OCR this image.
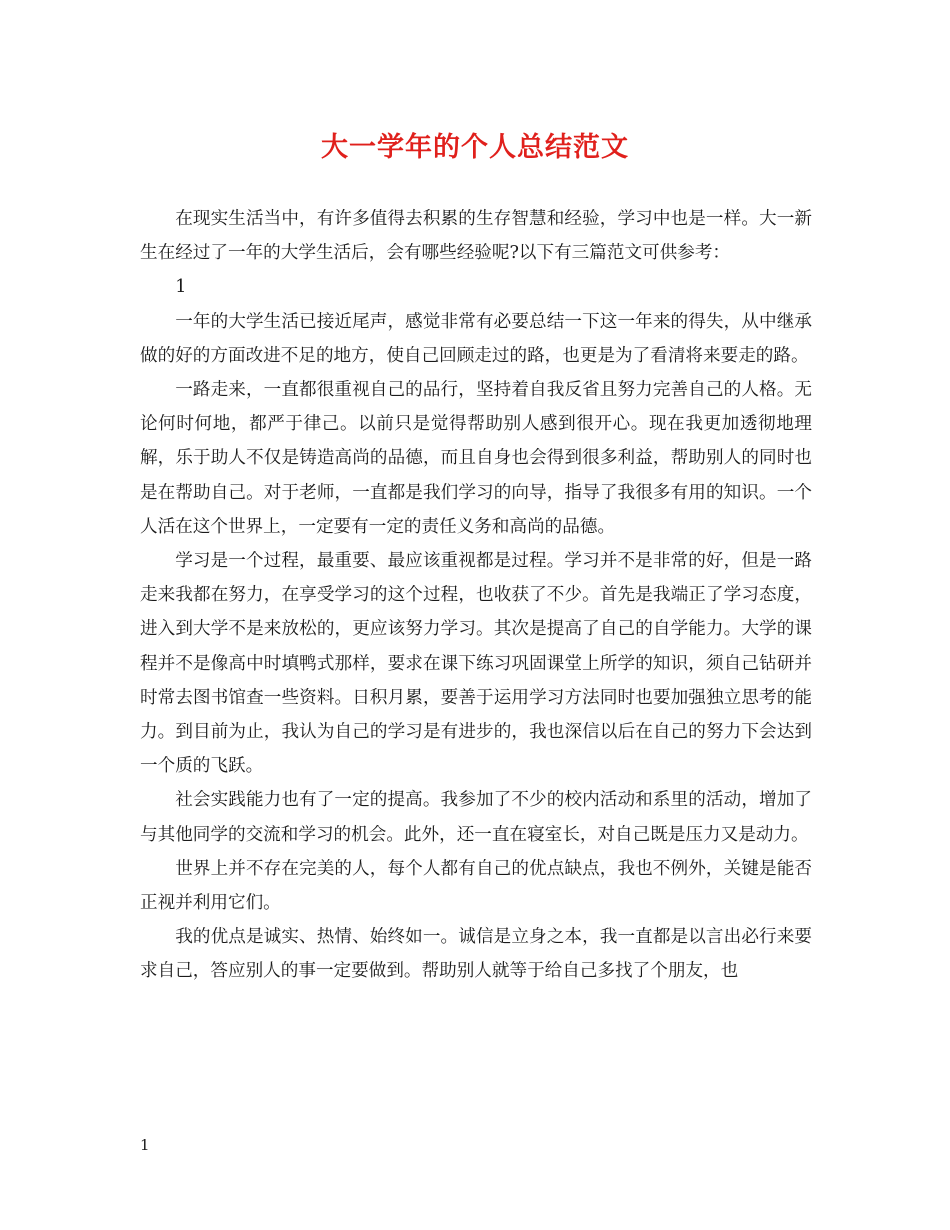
大一学年的个人总结范文

在现实生活当中，有许多值得去积累的生存智慧和经验，学习中也是一样。大一新生在经过了一年的大学生活后，会有哪些经验呢?以下有三篇范文可供参考：

1

一年的大学生活已接近尾声，感觉非常有必要总结一下这一年来的得失，从中继承做的好的方面改进不足的地方，使自己回顾走过的路，也更是为了看清将来要走的路。

一路走来，一直都很重视自己的品行，坚持着自我反省且努力完善自己的人格。无论何时何地，都严于律己。以前只是觉得帮助别人感到很开心。现在我更加透彻地理解，乐于助人不仅是铸造高尚的品德，而且自身也会得到很多利益，帮助别人的同时也是在帮助自己。对于老师，一直都是我们学习的向导，指导了我很多有用的知识。一个人活在这个世界上，一定要有一定的责任义务和高尚的品德。

学习是一个过程，最重要、最应该重视都是过程。学习并不是非常的好，但是一路走来我都在努力，在享受学习的这个过程，也收获了不少。首先是我端正了学习态度，进入到大学不是来放松的，更应该努力学习。其次是提高了自己的自学能力。大学的课程并不是像高中时填鸭式那样，要求在课下练习巩固课堂上所学的知识，须自己钻研并时常去图书馆查一些资料。日积月累，要善于运用学习方法同时也要加强独立思考的能力。到目前为止，我认为自己的学习是有进步的，我也深信以后在自己的努力下会达到一个质的飞跃。

社会实践能力也有了一定的提高。我参加了不少的校内活动和系里的活动，增加了与其他同学的交流和学习的机会。此外，还一直在寝室长，对自己既是压力又是动力。

世界上并不存在完美的人，每个人都有自己的优点缺点，我也不例外，关键是能否正视并利用它们。

我的优点是诚实、热情、始终如一。诚信是立身之本，我一直都是以言出必行来要求自己，答应别人的事一定要做到。帮助别人就等于给自己多找了个朋友，也

1
